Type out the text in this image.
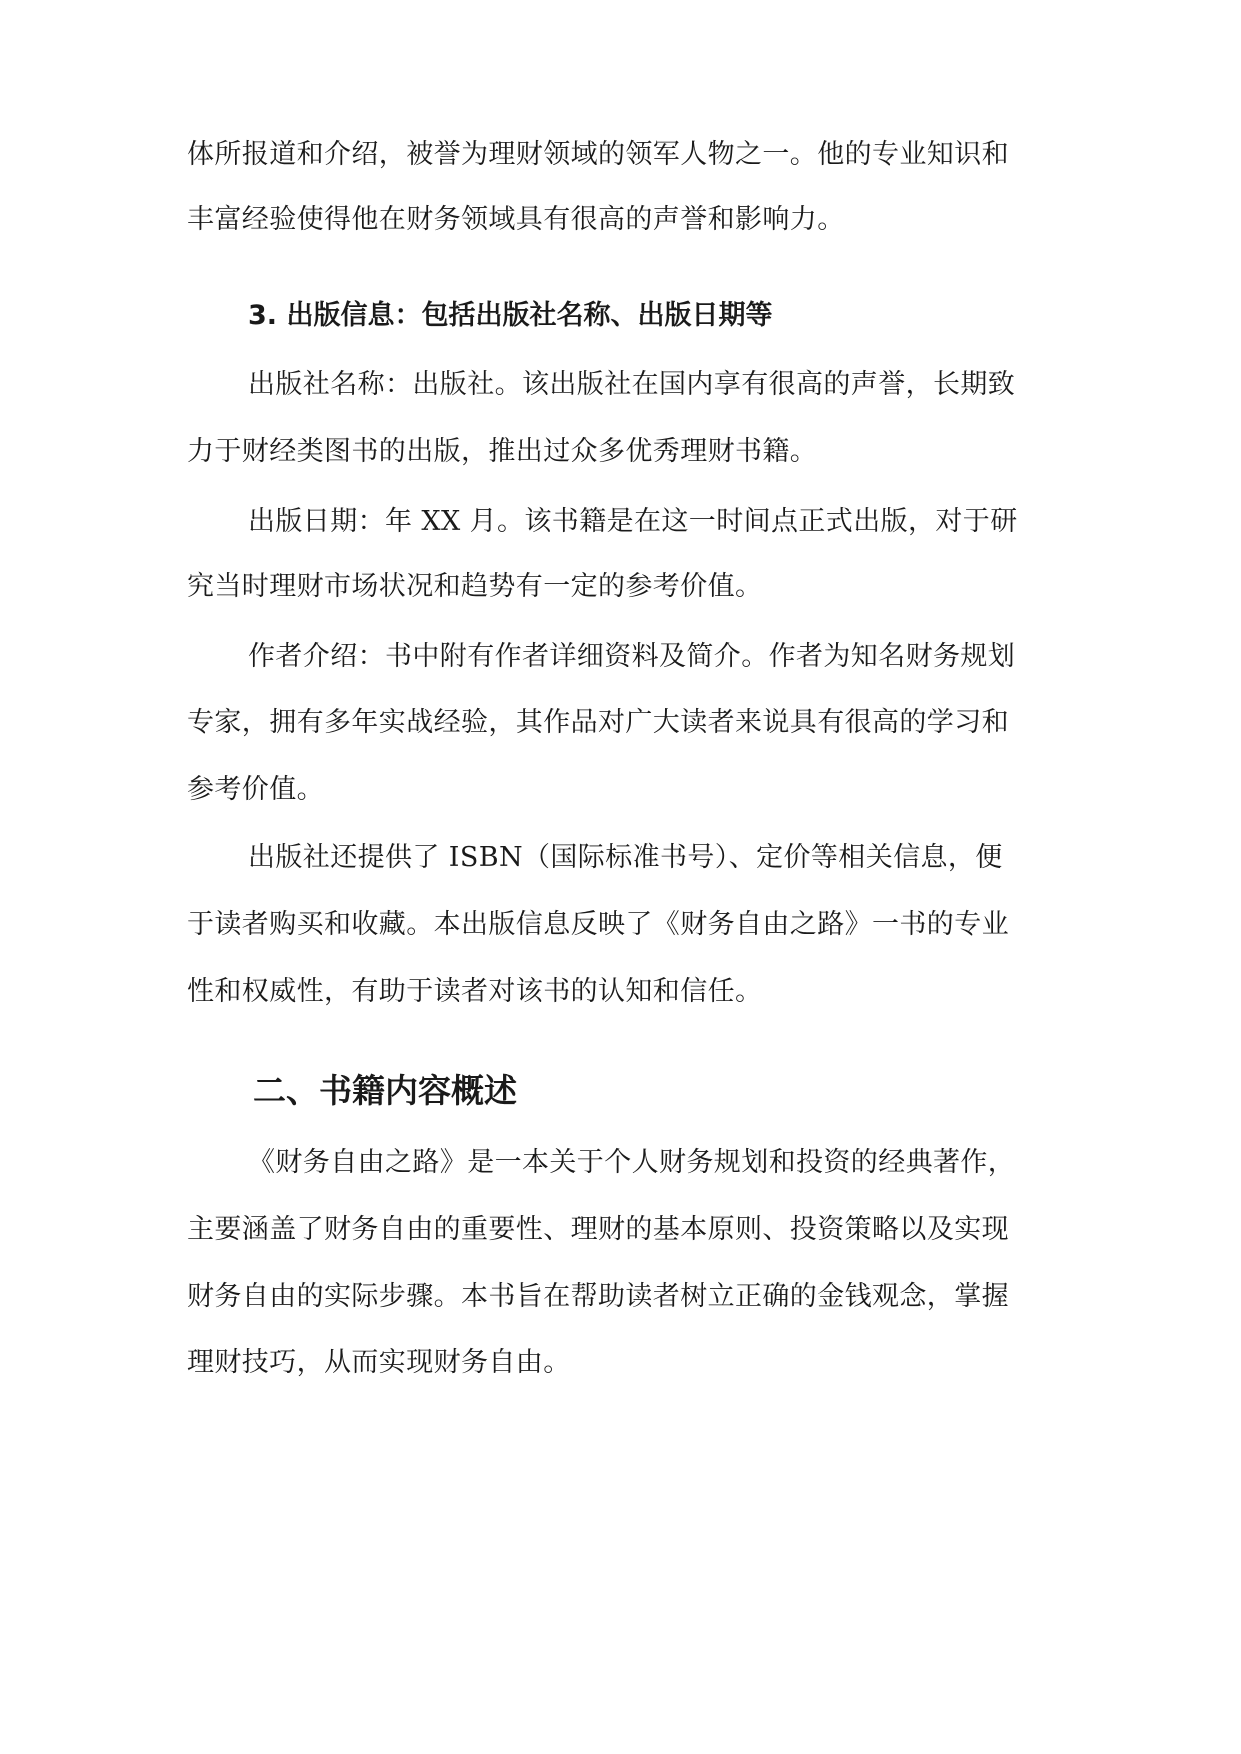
体所报道和介绍，被誉为理财领域的领军人物之一。他的专业知识和

丰富经验使得他在财务领域具有很高的声誉和影响力。

3. 出版信息：包括出版社名称、出版日期等

出版社名称：出版社。该出版社在国内享有很高的声誉，长期致

力于财经类图书的出版，推出过众多优秀理财书籍。

出版日期：年 XX 月。该书籍是在这一时间点正式出版，对于研

究当时理财市场状况和趋势有一定的参考价值。

作者介绍：书中附有作者详细资料及简介。作者为知名财务规划

专家，拥有多年实战经验，其作品对广大读者来说具有很高的学习和

参考价值。

出版社还提供了 ISBN（国际标准书号）、定价等相关信息，便

于读者购买和收藏。本出版信息反映了《财务自由之路》一书的专业

性和权威性，有助于读者对该书的认知和信任。

二、书籍内容概述

《财务自由之路》是一本关于个人财务规划和投资的经典著作，

主要涵盖了财务自由的重要性、理财的基本原则、投资策略以及实现

财务自由的实际步骤。本书旨在帮助读者树立正确的金钱观念，掌握

理财技巧，从而实现财务自由。
